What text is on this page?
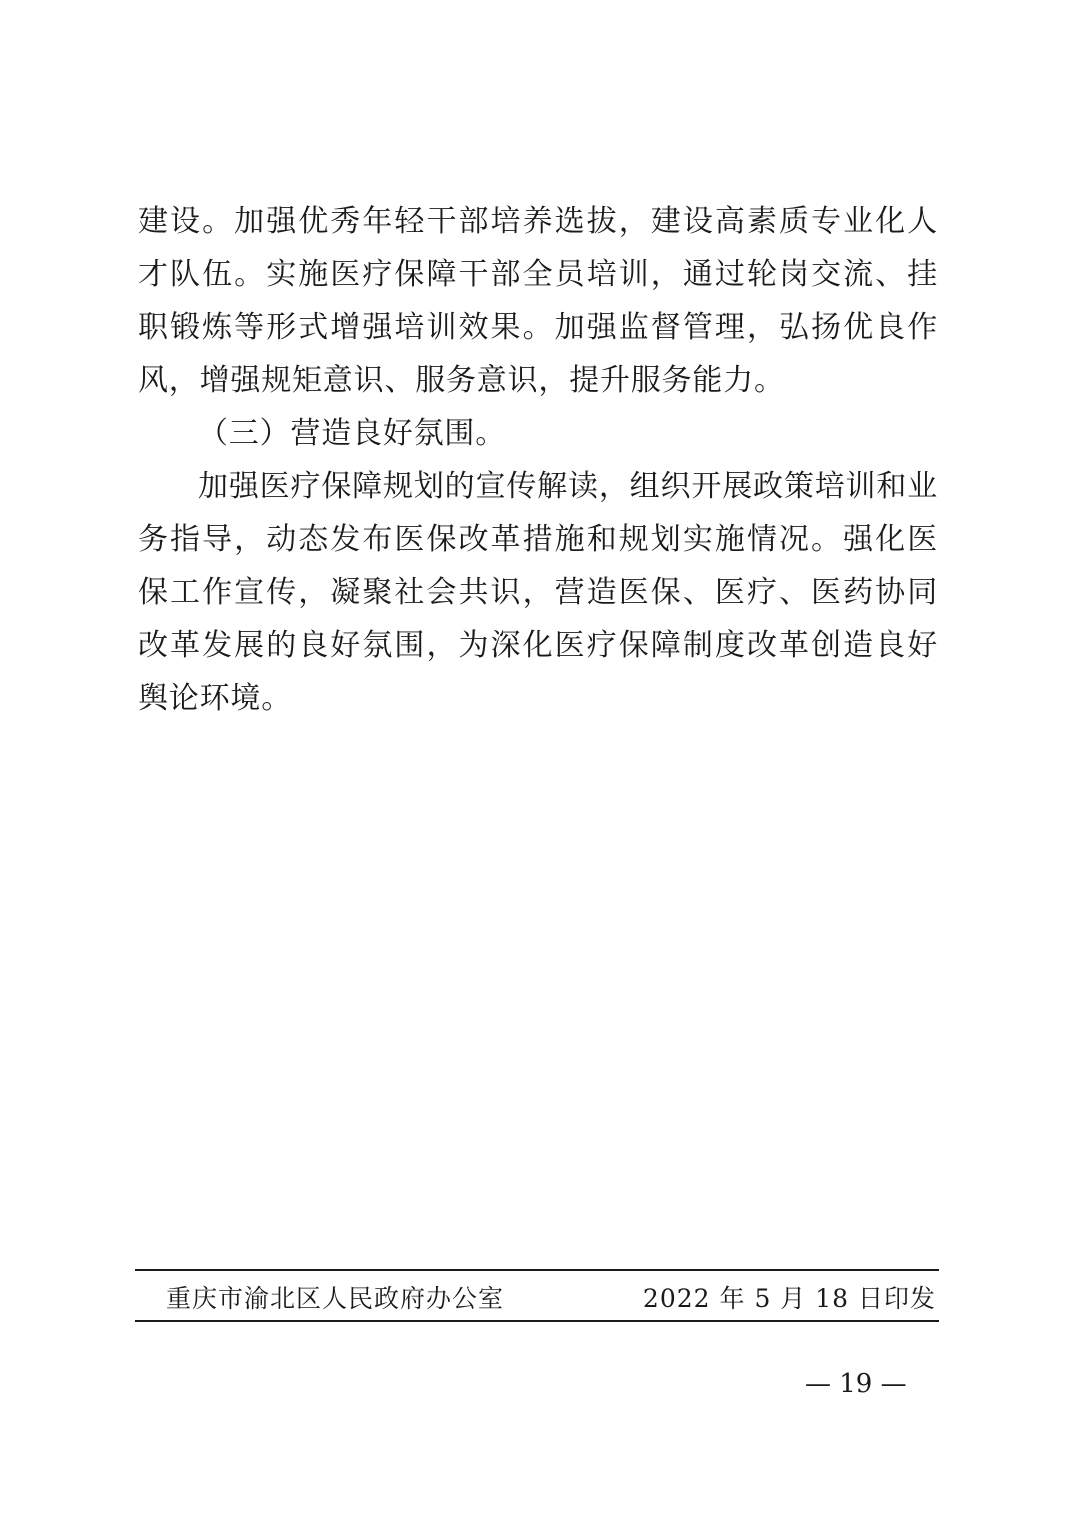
建设。加强优秀年轻干部培养选拔，建设高素质专业化人才队伍。实施医疗保障干部全员培训，通过轮岗交流、挂职锻炼等形式增强培训效果。加强监督管理，弘扬优良作风，增强规矩意识、服务意识，提升服务能力。

（三）营造良好氛围。

加强医疗保障规划的宣传解读，组织开展政策培训和业务指导，动态发布医保改革措施和规划实施情况。强化医保工作宣传，凝聚社会共识，营造医保、医疗、医药协同改革发展的良好氛围，为深化医疗保障制度改革创造良好舆论环境。

重庆市渝北区人民政府办公室	2022 年 5 月 18 日印发
— 19 —
